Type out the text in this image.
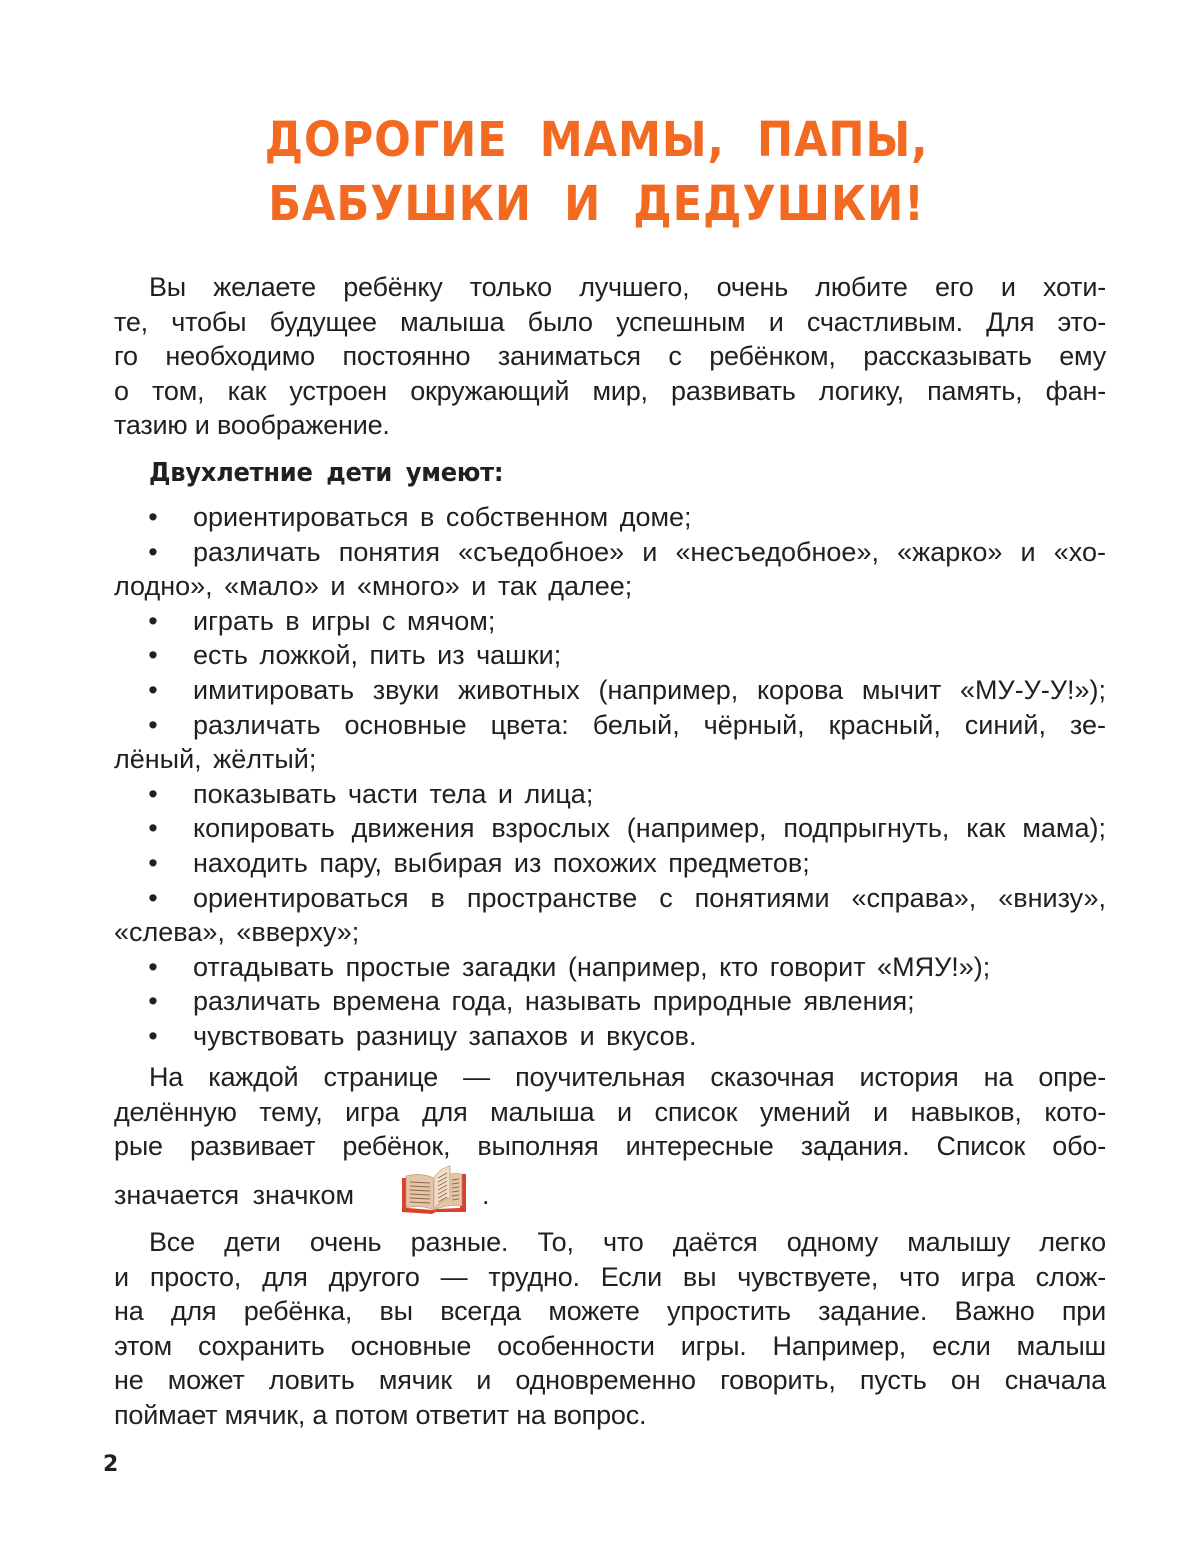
ДОРОГИЕ МАМЫ, ПАПЫ,
БАБУШКИ И ДЕДУШКИ!
Вы желаете ребёнку только лучшего, очень любите его и хоти-
те, чтобы будущее малыша было успешным и счастливым. Для это-
го необходимо постоянно заниматься с ребёнком, рассказывать ему
о том, как устроен окружающий мир, развивать логику, память, фан-
тазию и воображение.
Двухлетние дети умеют:
• ориентироваться в собственном доме;
• различать понятия «съедобное» и «несъедобное», «жарко» и «хо-
лодно», «мало» и «много» и так далее;
• играть в игры с мячом;
• есть ложкой, пить из чашки;
• имитировать звуки животных (например, корова мычит «МУ-У-У!»);
• различать основные цвета: белый, чёрный, красный, синий, зе-
лёный, жёлтый;
• показывать части тела и лица;
• копировать движения взрослых (например, подпрыгнуть, как мама);
• находить пару, выбирая из похожих предметов;
• ориентироваться в пространстве с понятиями «справа», «внизу»,
«слева», «вверху»;
• отгадывать простые загадки (например, кто говорит «МЯУ!»);
• различать времена года, называть природные явления;
• чувствовать разницу запахов и вкусов.
На каждой странице — поучительная сказочная история на опре-
делённую тему, игра для малыша и список умений и навыков, кото-
рые развивает ребёнок, выполняя интересные задания. Список обо-
значается значком	.
Все дети очень разные. То, что даётся одному малышу легко
и просто, для другого — трудно. Если вы чувствуете, что игра слож-
на для ребёнка, вы всегда можете упростить задание. Важно при
этом сохранить основные особенности игры. Например, если малыш
не может ловить мячик и одновременно говорить, пусть он сначала
поймает мячик, а потом ответит на вопрос.
2
